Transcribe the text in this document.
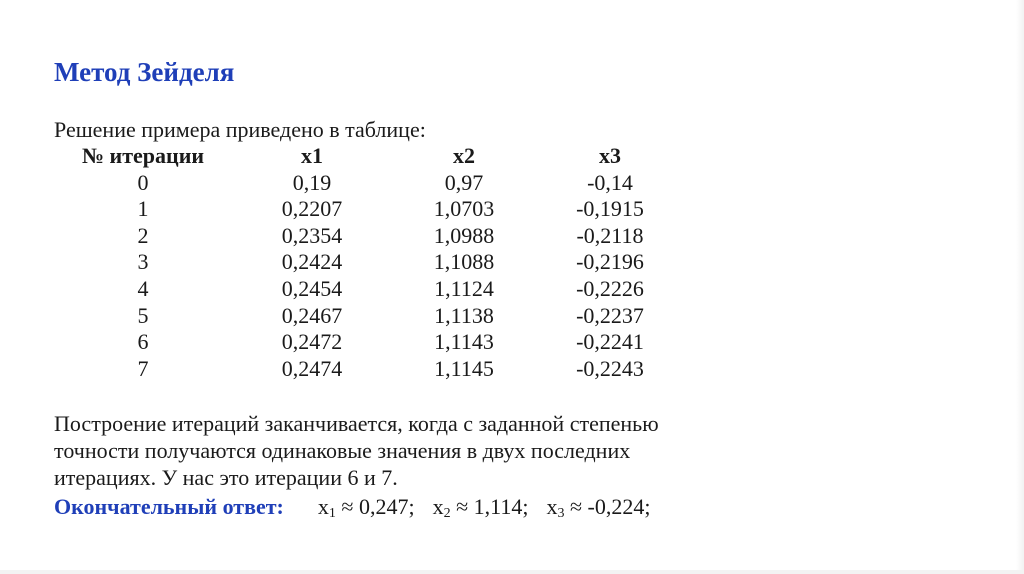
Метод Зейделя
Решение примера приведено в таблице:
№ итерации	x1	x2	x3
0	0,19	0,97	-0,14
1	0,2207	1,0703	-0,1915
2	0,2354	1,0988	-0,2118
3	0,2424	1,1088	-0,2196
4	0,2454	1,1124	-0,2226
5	0,2467	1,1138	-0,2237
6	0,2472	1,1143	-0,2241
7	0,2474	1,1145	-0,2243
Построение итераций заканчивается, когда с заданной степенью
точности получаются одинаковые значения в двух последних
итерациях. У нас это итерации 6 и 7.
Окончательный ответ: $x_1 \approx 0,247$; $x_2 \approx 1,114$; $x_3 \approx -0,224$;
